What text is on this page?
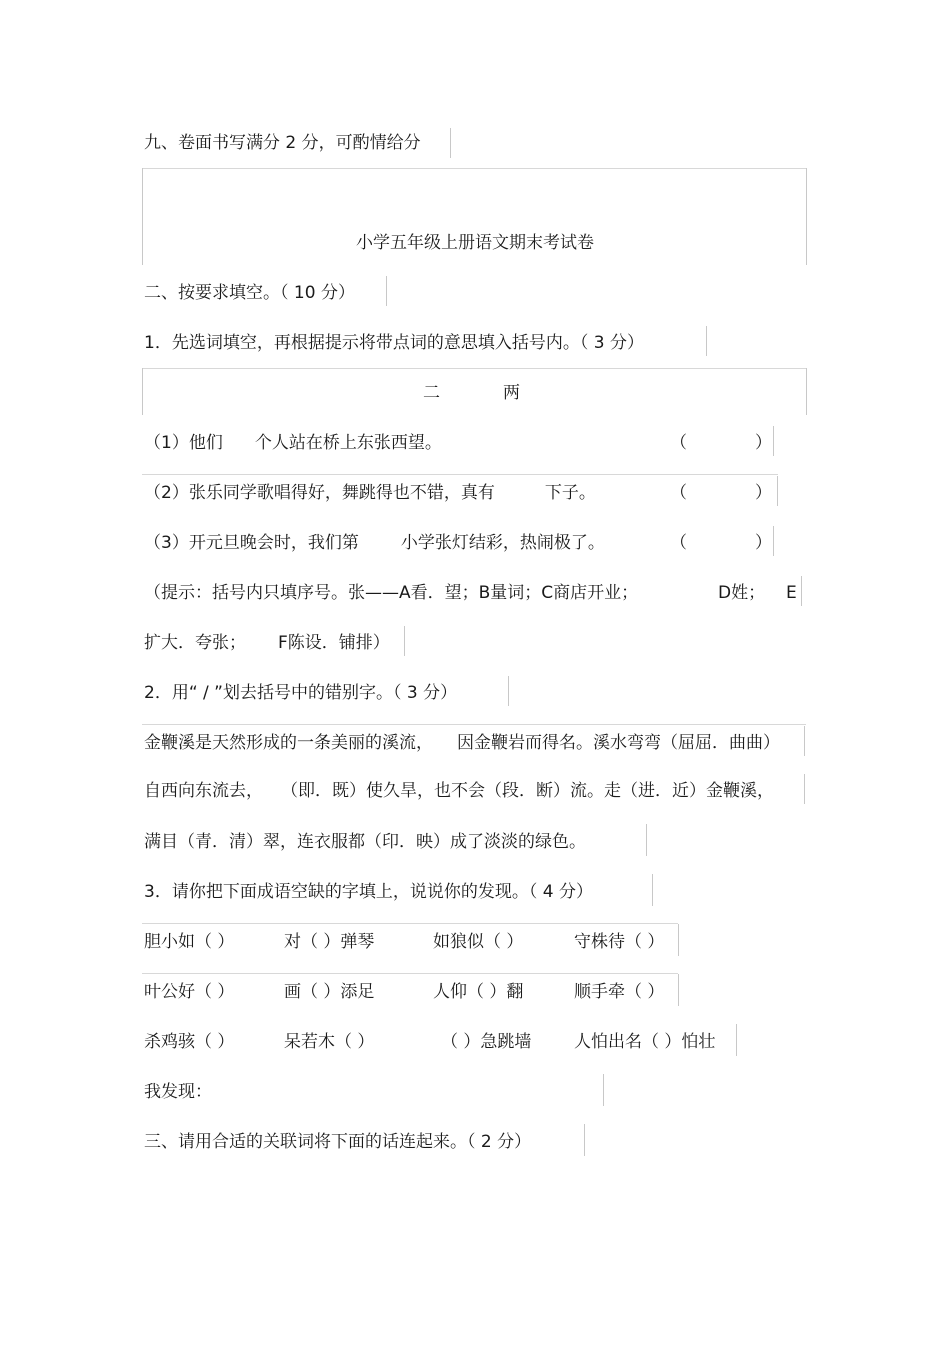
九、卷面书写满分 2 分，可酌情给分
小学五年级上册语文期末考试卷
二、按要求填空。（ 10 分）
1．先选词填空，再根据提示将带点词的意思填入括号内。（ 3 分）
二	两
（1）他们 个人站在桥上东张西望。	（　　　　）
（2）张乐同学歌唱得好，舞跳得也不错，真有	下子。	（　　　　）
（3）开元旦晚会时，我们第 小学张灯结彩，热闹极了。	（　　　　）
（提示：括号内只填序号。张——A看．望；B量词；C商店开业；	D姓； E
扩大．夸张； F陈设．铺排）
2．用“ / ”划去括号中的错别字。（ 3 分）
金鞭溪是天然形成的一条美丽的溪流， 因金鞭岩而得名。溪水弯弯（屈屈．曲曲）
自西向东流去， （即．既）使久旱，也不会（段．断）流。走（进．近）金鞭溪，
满目（青．清）翠，连衣服都（印．映）成了淡淡的绿色。
3．请你把下面成语空缺的字填上，说说你的发现。（ 4 分）
胆小如（ ）	对（ ）弹琴	如狼似（ ）	守株待（ ）
叶公好（ ）	画（ ）添足	人仰（ ）翻	顺手牵（ ）
杀鸡骇（ ）	呆若木（ ）	（ ）急跳墙	人怕出名（ ）怕壮
我发现：
三、请用合适的关联词将下面的话连起来。（ 2 分）
